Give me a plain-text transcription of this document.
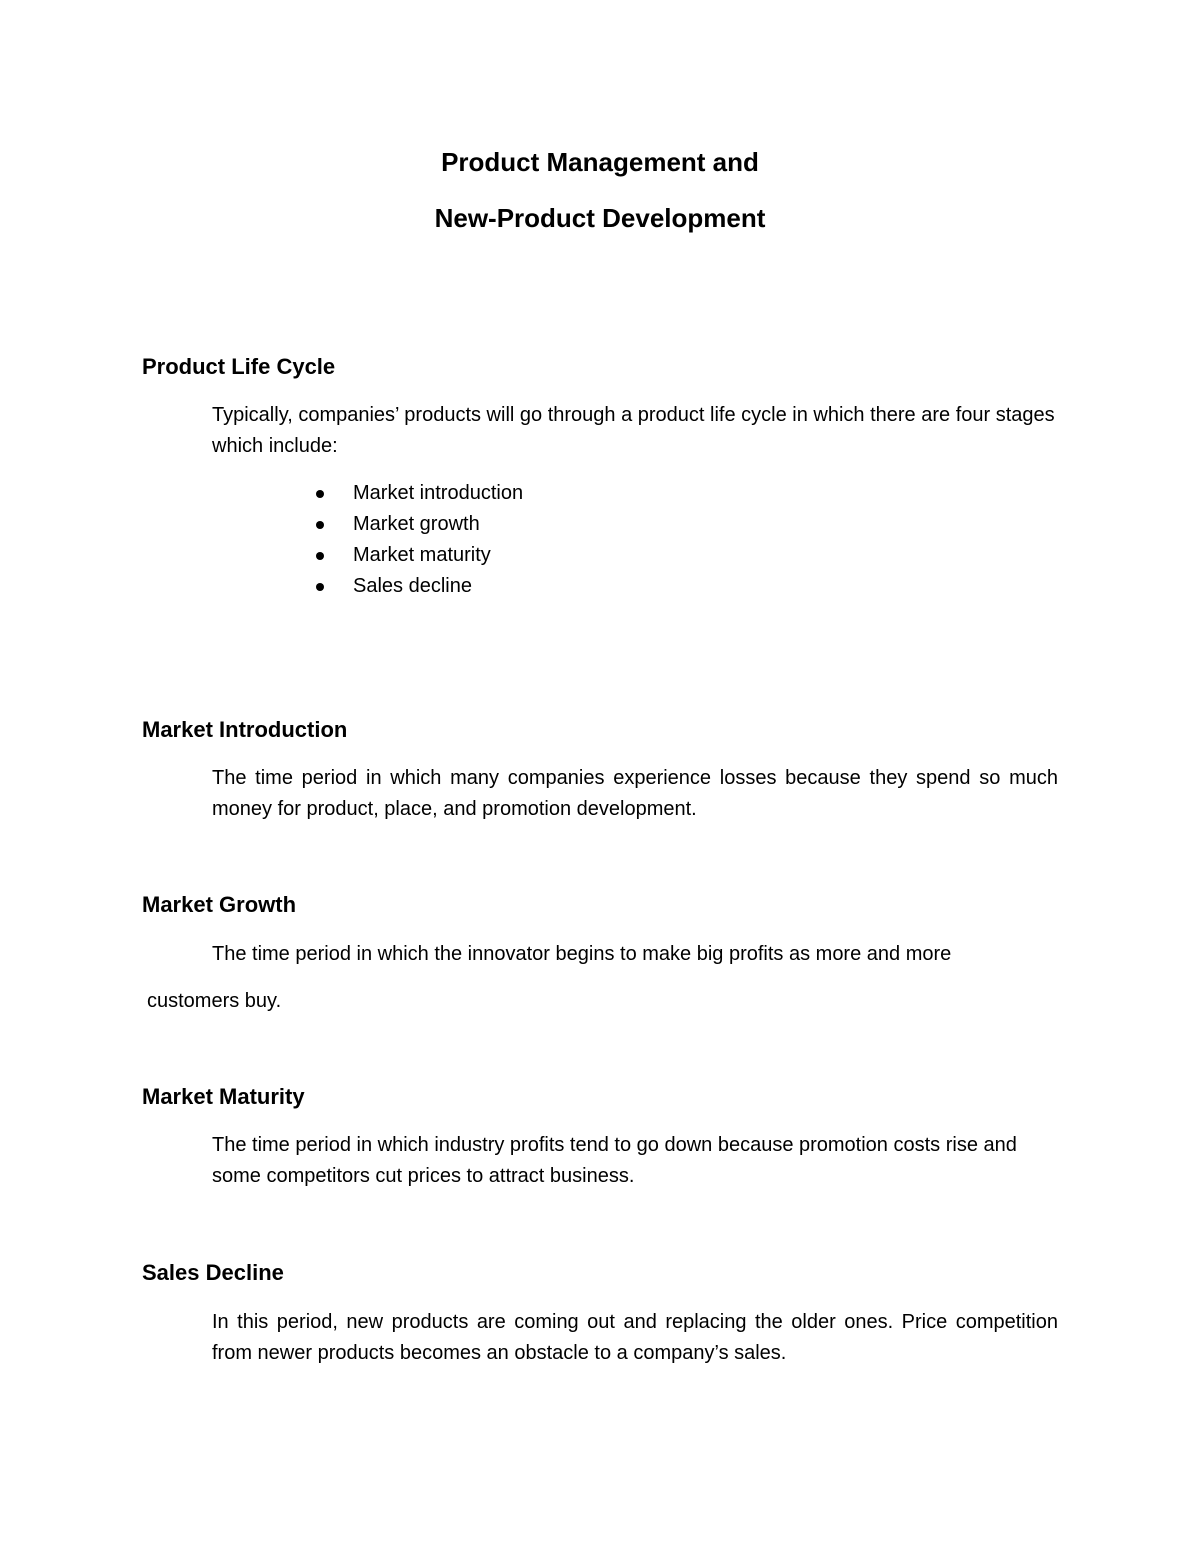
Product Management and
New-Product Development
Product Life Cycle

Typically, companies’ products will go through a product life cycle in which there are four stages which include:

Market introduction
Market growth
Market maturity
Sales decline
Market Introduction

The time period in which many companies experience losses because they spend so much money for product, place, and promotion development.

Market Growth

The time period in which the innovator begins to make big profits as more and more

customers buy.

Market Maturity

The time period in which industry profits tend to go down because promotion costs rise and some competitors cut prices to attract business.

Sales Decline

In this period, new products are coming out and replacing the older ones. Price competition from newer products becomes an obstacle to a company’s sales.
